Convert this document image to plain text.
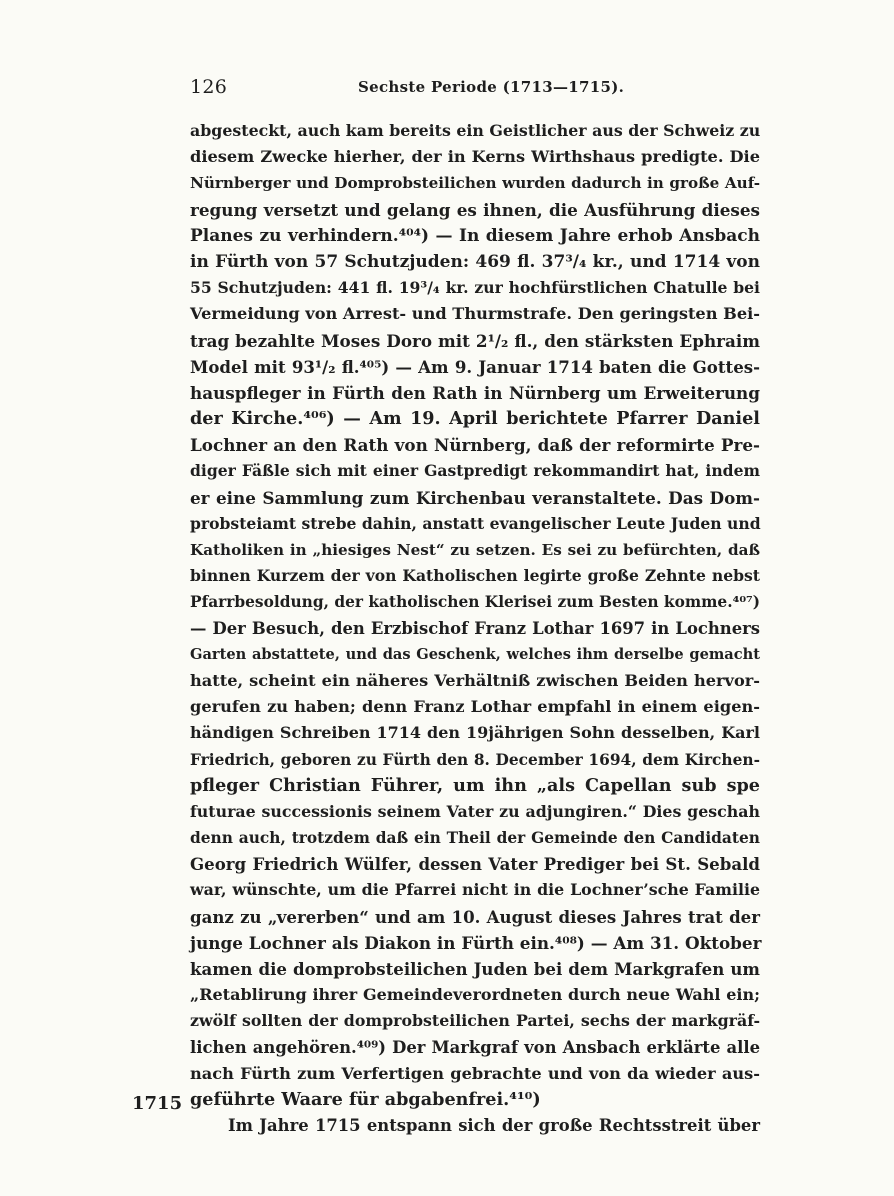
126	Sechste Periode (1713—1715).
1715
abgesteckt, auch kam bereits ein Geistlicher aus der Schweiz zu
diesem Zwecke hierher, der in Kerns Wirthshaus predigte. Die
Nürnberger und Domprobsteilichen wurden dadurch in große Auf-
regung versetzt und gelang es ihnen, die Ausführung dieses
Planes zu verhindern.⁴⁰⁴) — In diesem Jahre erhob Ansbach
in Fürth von 57 Schutzjuden: 469 fl. 37³/₄ kr., und 1714 von
55 Schutzjuden: 441 fl. 19³/₄ kr. zur hochfürstlichen Chatulle bei
Vermeidung von Arrest- und Thurmstrafe. Den geringsten Bei-
trag bezahlte Moses Doro mit 2¹/₂ fl., den stärksten Ephraim
Model mit 93¹/₂ fl.⁴⁰⁵) — Am 9. Januar 1714 baten die Gottes-
hauspfleger in Fürth den Rath in Nürnberg um Erweiterung
der Kirche.⁴⁰⁶) — Am 19. April berichtete Pfarrer Daniel
Lochner an den Rath von Nürnberg, daß der reformirte Pre-
diger Fäßle sich mit einer Gastpredigt rekommandirt hat, indem
er eine Sammlung zum Kirchenbau veranstaltete. Das Dom-
probsteiamt strebe dahin, anstatt evangelischer Leute Juden und
Katholiken in „hiesiges Nest“ zu setzen. Es sei zu befürchten, daß
binnen Kurzem der von Katholischen legirte große Zehnte nebst
Pfarrbesoldung, der katholischen Klerisei zum Besten komme.⁴⁰⁷)
— Der Besuch, den Erzbischof Franz Lothar 1697 in Lochners
Garten abstattete, und das Geschenk, welches ihm derselbe gemacht
hatte, scheint ein näheres Verhältniß zwischen Beiden hervor-
gerufen zu haben; denn Franz Lothar empfahl in einem eigen-
händigen Schreiben 1714 den 19jährigen Sohn desselben, Karl
Friedrich, geboren zu Fürth den 8. December 1694, dem Kirchen-
pfleger Christian Führer, um ihn „als Capellan sub spe
futurae successionis seinem Vater zu adjungiren.“ Dies geschah
denn auch, trotzdem daß ein Theil der Gemeinde den Candidaten
Georg Friedrich Wülfer, dessen Vater Prediger bei St. Sebald
war, wünschte, um die Pfarrei nicht in die Lochner’sche Familie
ganz zu „vererben“ und am 10. August dieses Jahres trat der
junge Lochner als Diakon in Fürth ein.⁴⁰⁸) — Am 31. Oktober
kamen die domprobsteilichen Juden bei dem Markgrafen um
„Retablirung ihrer Gemeindeverordneten durch neue Wahl ein;
zwölf sollten der domprobsteilichen Partei, sechs der markgräf-
lichen angehören.⁴⁰⁹) Der Markgraf von Ansbach erklärte alle
nach Fürth zum Verfertigen gebrachte und von da wieder aus-
geführte Waare für abgabenfrei.⁴¹⁰)
Im Jahre 1715 entspann sich der große Rechtsstreit über
